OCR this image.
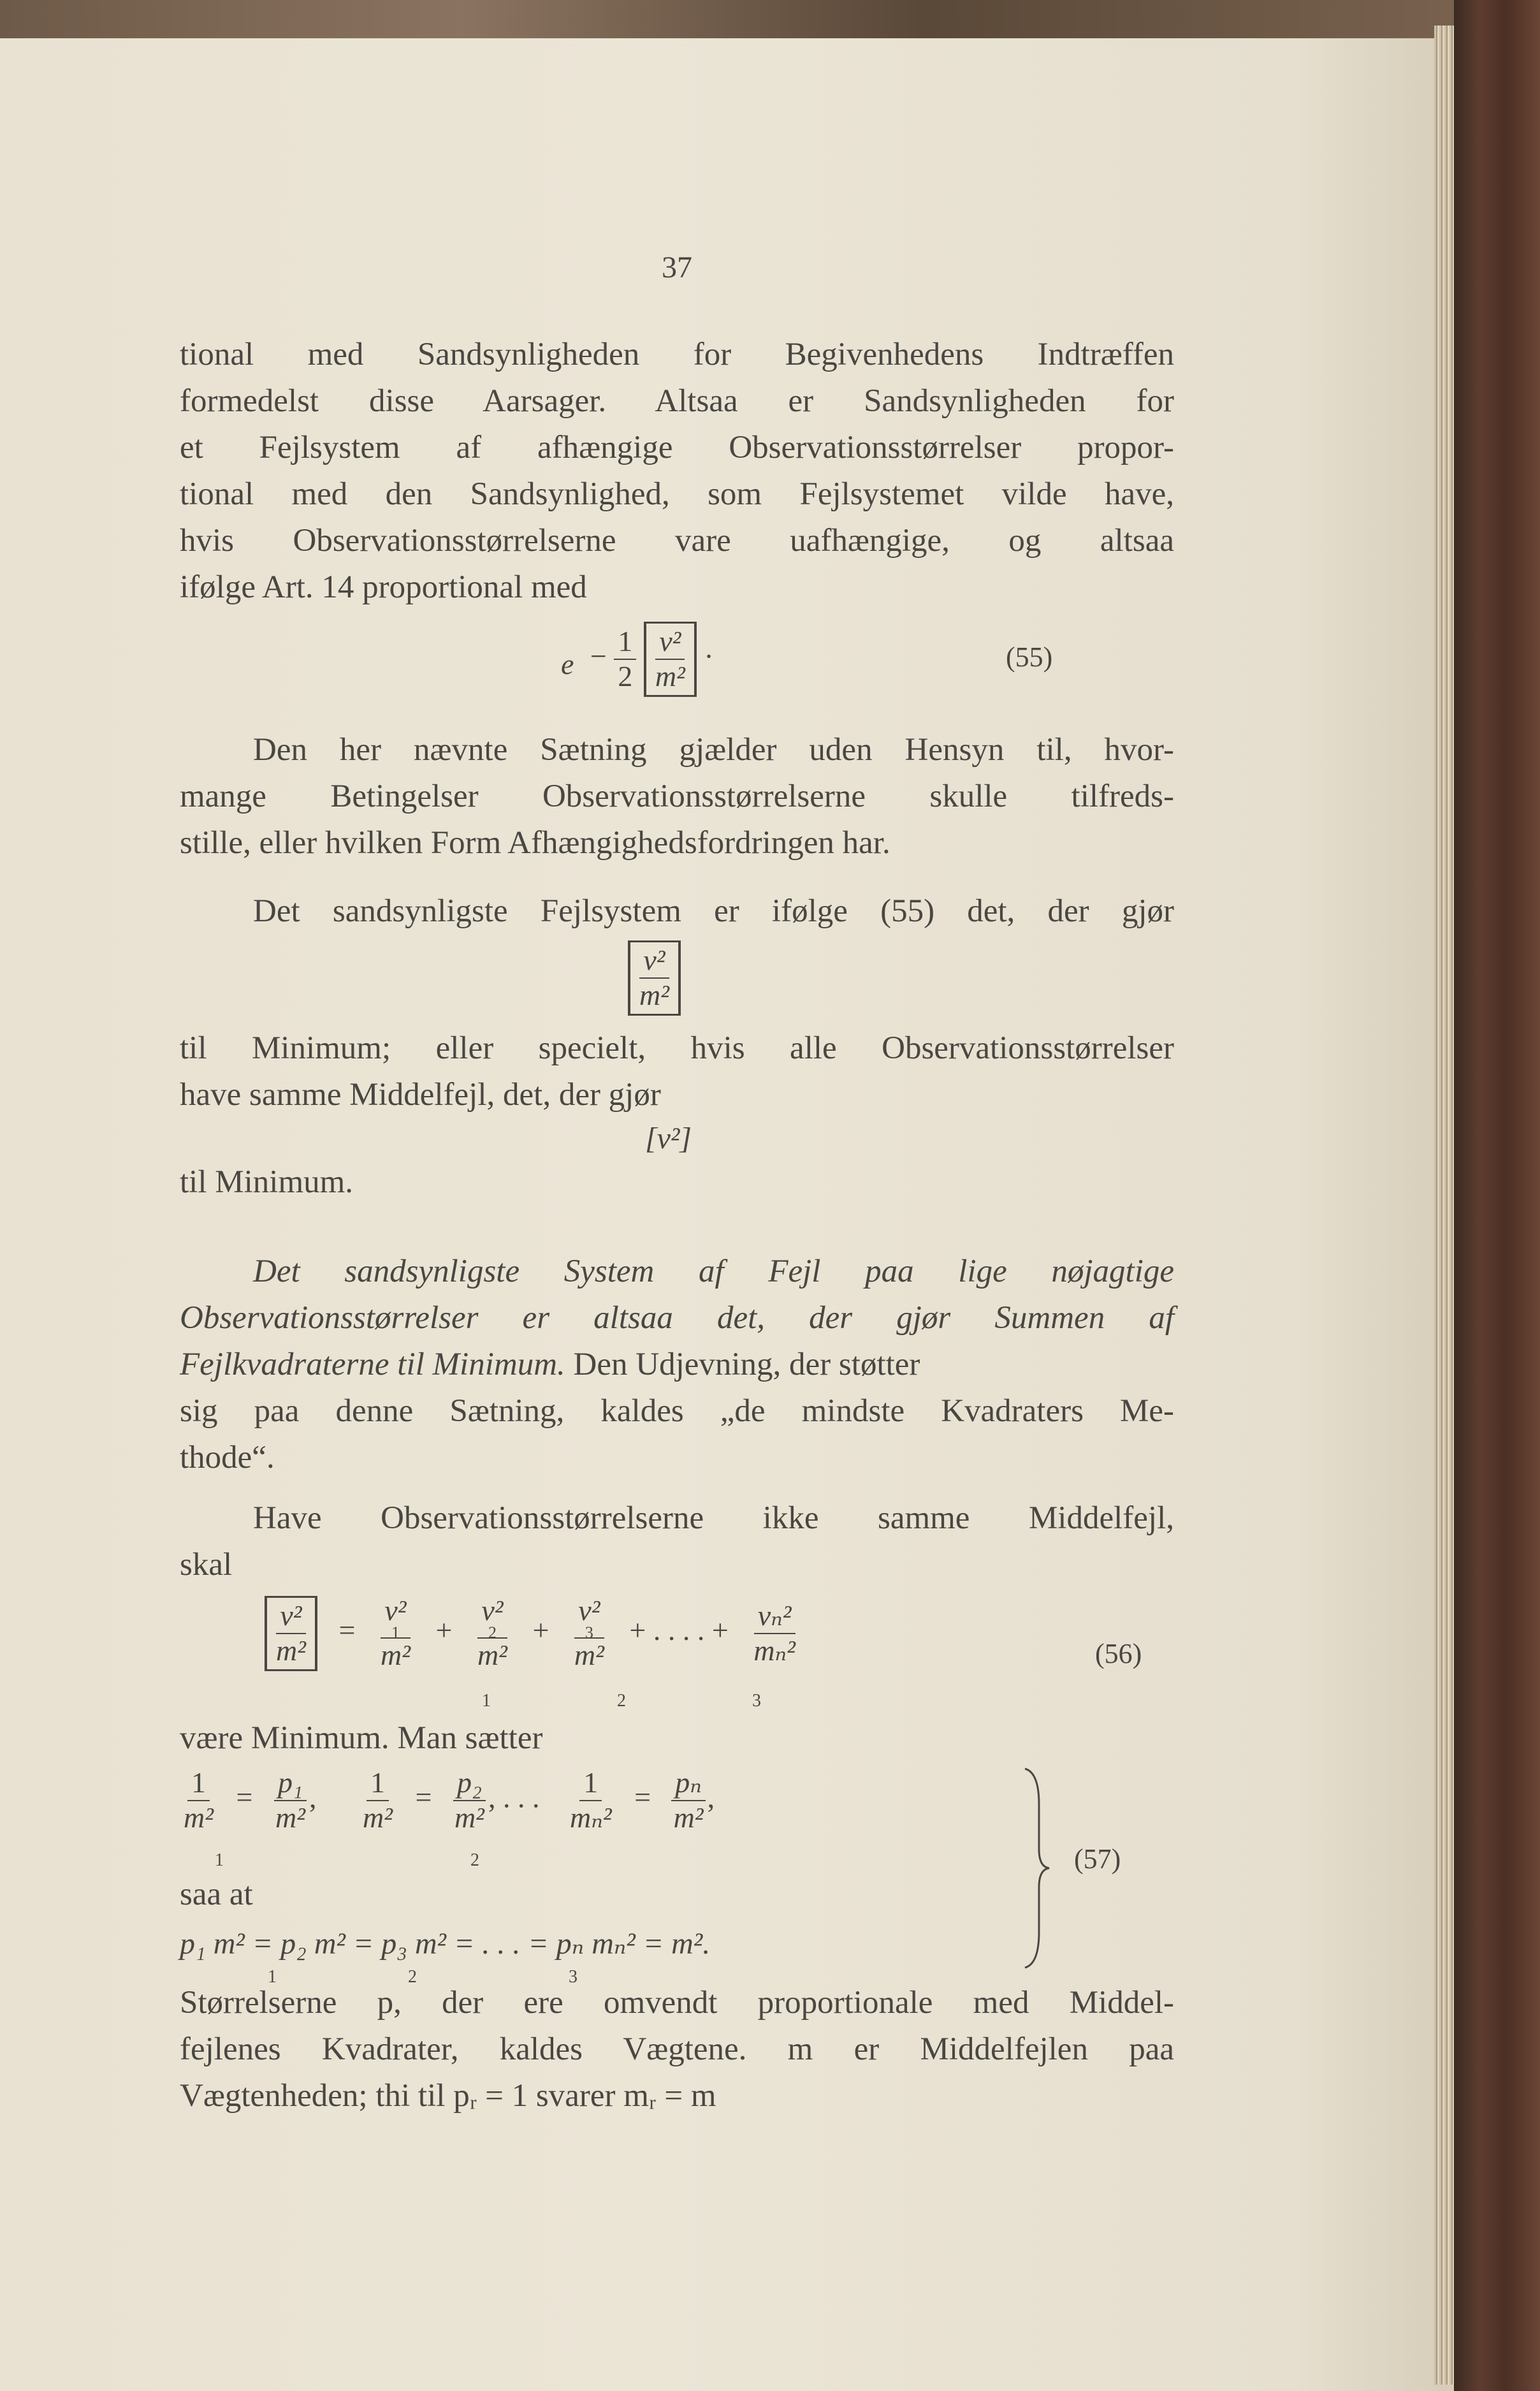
37

tional med Sandsynligheden for Begivenhedens Indtræffen

formedelst disse Aarsager. Altsaa er Sandsynligheden for

et Fejlsystem af afhængige Observationsstørrelser propor-

tional med den Sandsynlighed, som Fejlsystemet vilde have,

hvis Observationsstørrelserne vare uafhængige, og altsaa

ifølge Art. 14 proportional med

$e - \frac{1}{2}$
$\frac{\text{v²}}{\text{m²}}$ ·	(55)

Den her nævnte Sætning gjælder uden Hensyn til, hvor-

mange Betingelser Observationsstørrelserne skulle tilfreds-

stille, eller hvilken Form Afhængighedsfordringen har.

Det sandsynligste Fejlsystem er ifølge (55) det, der gjør

$\frac{\text{v²}}{\text{m²}}$

til Minimum; eller specielt, hvis alle Observationsstørrelser

have samme Middelfejl, det, der gjør

[v²]

til Minimum.

Det sandsynligste System af Fejl paa lige nøjagtige

Observationsstørrelser er altsaa det, der gjør Summen af

Fejlkvadraterne til Minimum. Den Udjevning, der støtter

sig paa denne Sætning, kaldes „de mindste Kvadraters Me-

thode“.

Have Observationsstørrelserne ikke samme Middelfejl,

skal

$\frac{\text{v²}}{\text{m²}} = v^2$
1
m² + v²
2
m² + v²
3
m² + . . . . + $\frac{\text{vₙ²}}{\text{mₙ²}}$
1	2	3
(56)

være Minimum. Man sætter

$\frac{1}{\text{m²}} = \frac{\text{p₁}}{\text{m²}}$ , $\frac{1}{\text{m²}} = \frac{\text{p₂}}{\text{m²}}$ , . . . $\frac{1}{\text{mₙ²}} = \frac{\text{pₙ}}{\text{m²}}$ ,
1	2

saa at

p₁ m² = p₂ m² = p₃ m² = . . . = pₙ mₙ² = m².
1	2	3
(57)

Størrelserne p, der ere omvendt proportionale med Middel-

fejlenes Kvadrater, kaldes Vægtene. m er Middelfejlen paa

Vægtenheden; thi til pᵣ = 1 svarer mᵣ = m
